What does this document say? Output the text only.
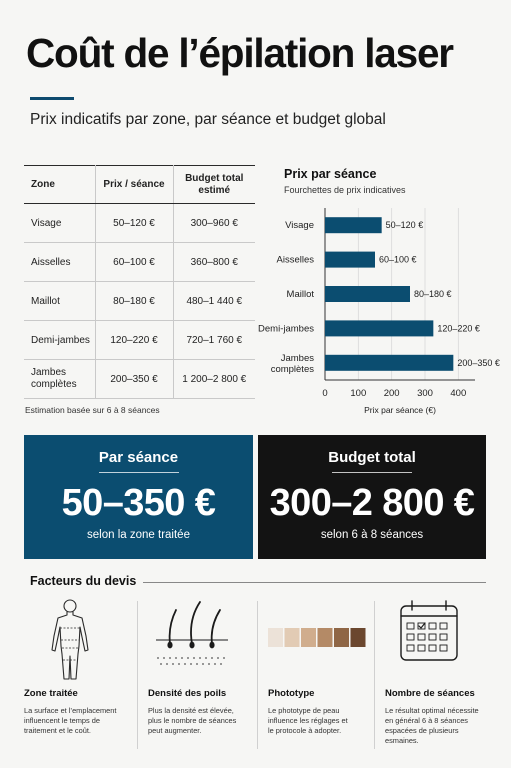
Coût de l’épilation laser
Prix indicatifs par zone, par séance et budget global
Zone	Prix / séance	Budget total estimé
Visage	50–120 €	300–960 €
Aisselles	60–100 €	360–800 €
Maillot	80–180 €	480–1 440 €
Demi-jambes	120–220 €	720–1 760 €
Jambes complètes	200–350 €	1 200–2 800 €
Estimation basée sur 6 à 8 séances
Prix par séance
Fourchettes de prix indicatives
Visage	50–120 €
Aisselles	60–100 €
Maillot	80–180 €
Demi-jambes	120–220 €
Jambes complètes
200–350 €
0 100 200 300 400
Prix par séance (€)
Par séance
50–350 €
selon la zone traitée
Budget total
300–2 800 €
selon 6 à 8 séances
Facteurs du devis
Zone traitée
La surface et l’emplacement
influencent le temps de
traitement et le coût.
Densité des poils
Plus la densité est élevée,
plus le nombre de séances
peut augmenter.
Phototype
Le phototype de peau
influence les réglages et
le protocole à adopter.
Nombre de séances
Le résultat optimal nécessite
en général 6 à 8 séances
espacées de plusieurs
esmaines.
